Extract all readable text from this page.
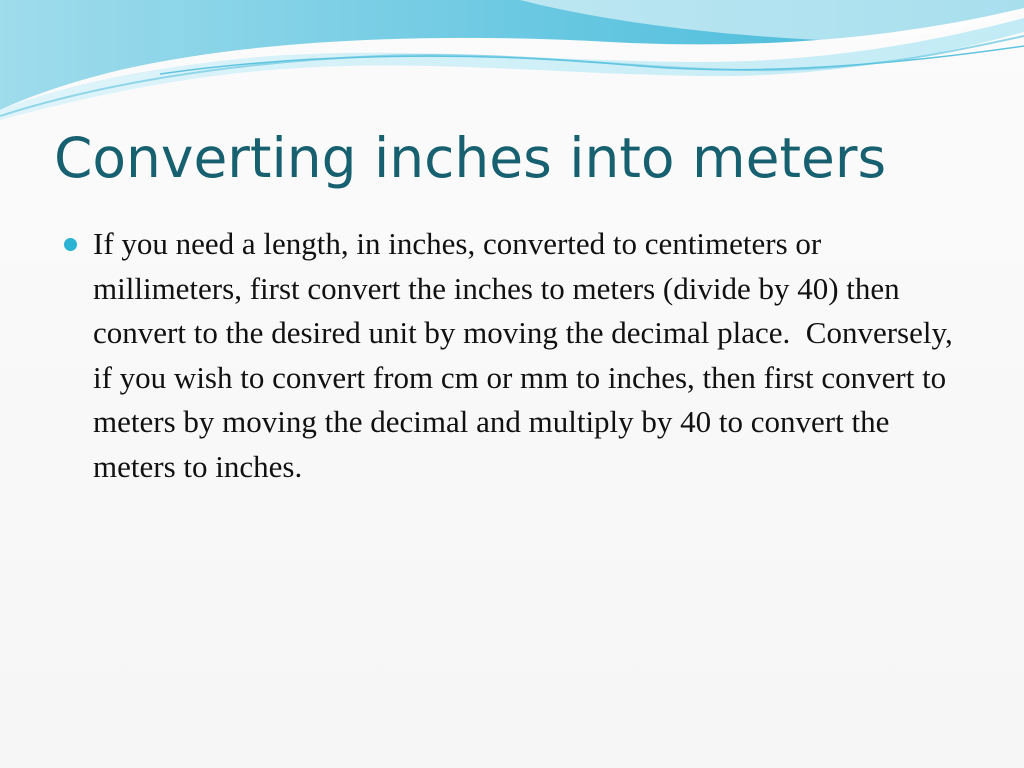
Converting inches into meters

If you need a length, in inches, converted to centimeters or millimeters, first convert the inches to meters (divide by 40) then convert to the desired unit by moving the decimal place.  Conversely, if you wish to convert from cm or mm to inches, then first convert to meters by moving the decimal and multiply by 40 to convert the meters to inches.
